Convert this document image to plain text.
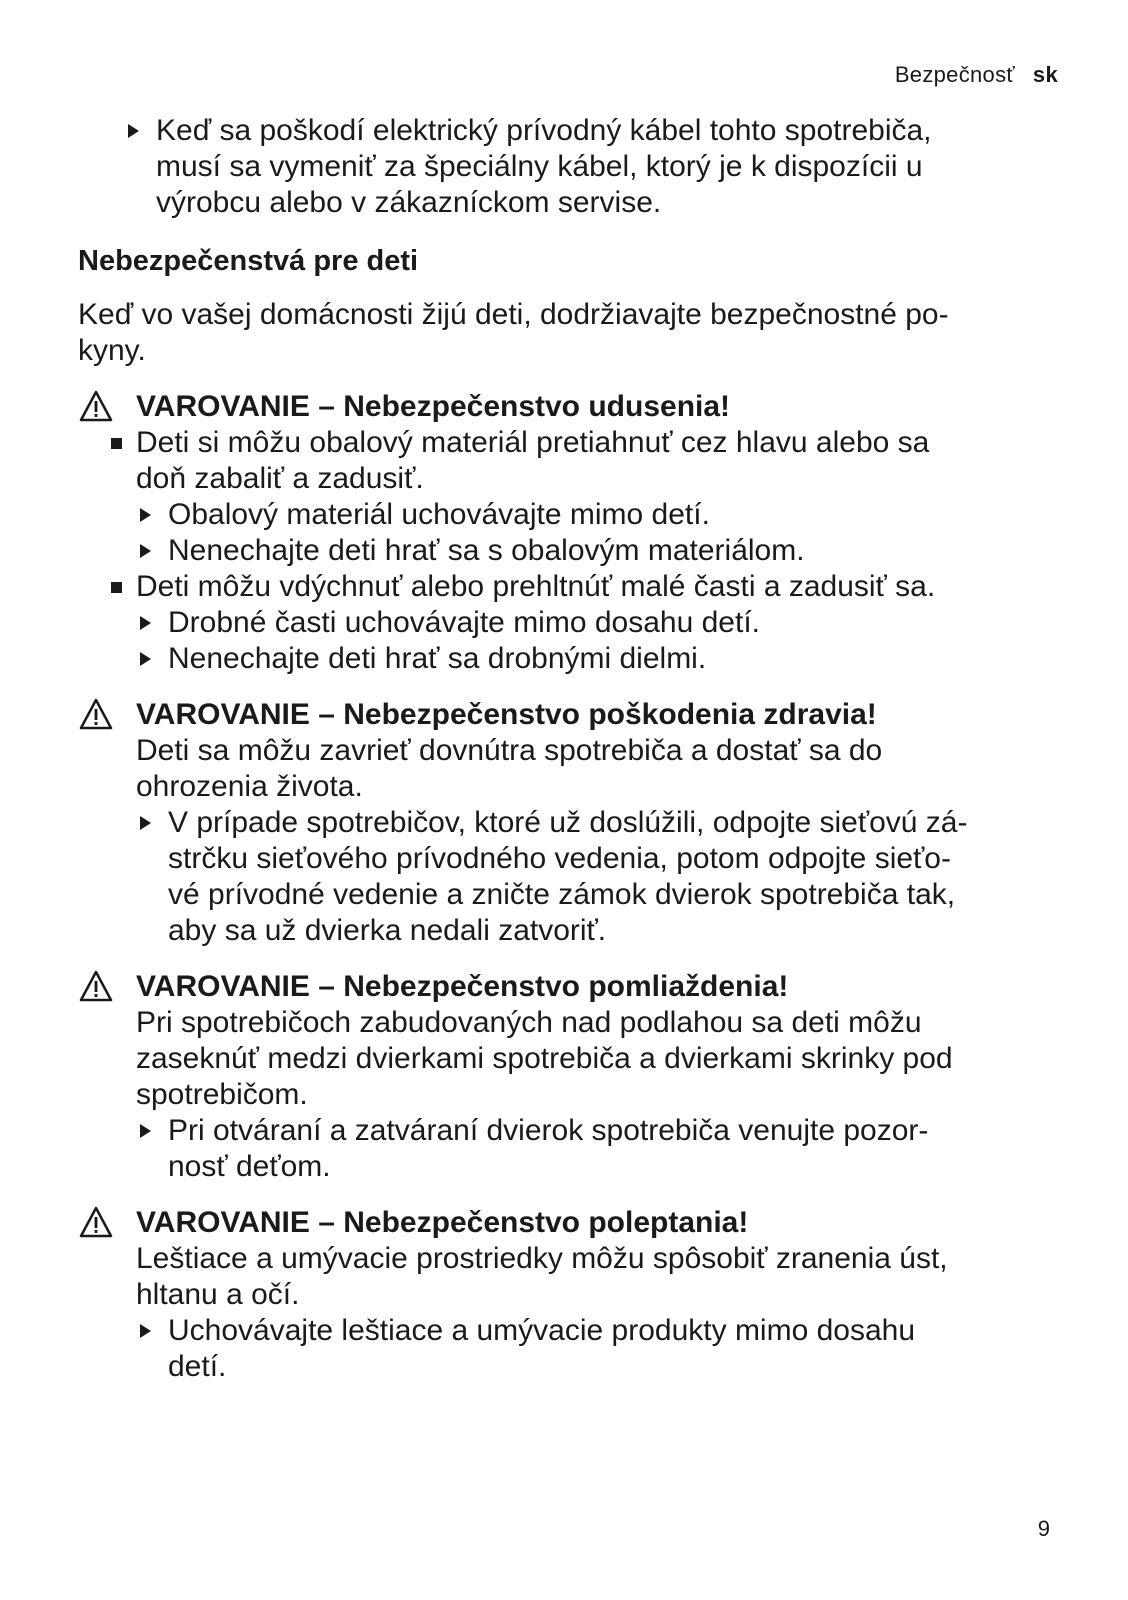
Bezpečnosť sk
Keď sa poškodí elektrický prívodný kábel tohto spotrebiča,
musí sa vymeniť za špeciálny kábel, ktorý je k dispozícii u
výrobcu alebo v zákazníckom servise.
Nebezpečenstvá pre deti
Keď vo vašej domácnosti žijú deti, dodržiavajte bezpečnostné po-
kyny.
VAROVANIE – Nebezpečenstvo udusenia!
Deti si môžu obalový materiál pretiahnuť cez hlavu alebo sa
doň zabaliť a zadusiť.
Obalový materiál uchovávajte mimo detí.
Nenechajte deti hrať sa s obalovým materiálom.
Deti môžu vdýchnuť alebo prehltnúť malé časti a zadusiť sa.
Drobné časti uchovávajte mimo dosahu detí.
Nenechajte deti hrať sa drobnými dielmi.
VAROVANIE – Nebezpečenstvo poškodenia zdravia!
Deti sa môžu zavrieť dovnútra spotrebiča a dostať sa do
ohrozenia života.
V prípade spotrebičov, ktoré už doslúžili, odpojte sieťovú zá-
strčku sieťového prívodného vedenia, potom odpojte sieťo-
vé prívodné vedenie a zničte zámok dvierok spotrebiča tak,
aby sa už dvierka nedali zatvoriť.
VAROVANIE – Nebezpečenstvo pomliaždenia!
Pri spotrebičoch zabudovaných nad podlahou sa deti môžu
zaseknúť medzi dvierkami spotrebiča a dvierkami skrinky pod
spotrebičom.
Pri otváraní a zatváraní dvierok spotrebiča venujte pozor-
nosť deťom.
VAROVANIE – Nebezpečenstvo poleptania!
Leštiace a umývacie prostriedky môžu spôsobiť zranenia úst,
hltanu a očí.
Uchovávajte leštiace a umývacie produkty mimo dosahu
detí.
9
